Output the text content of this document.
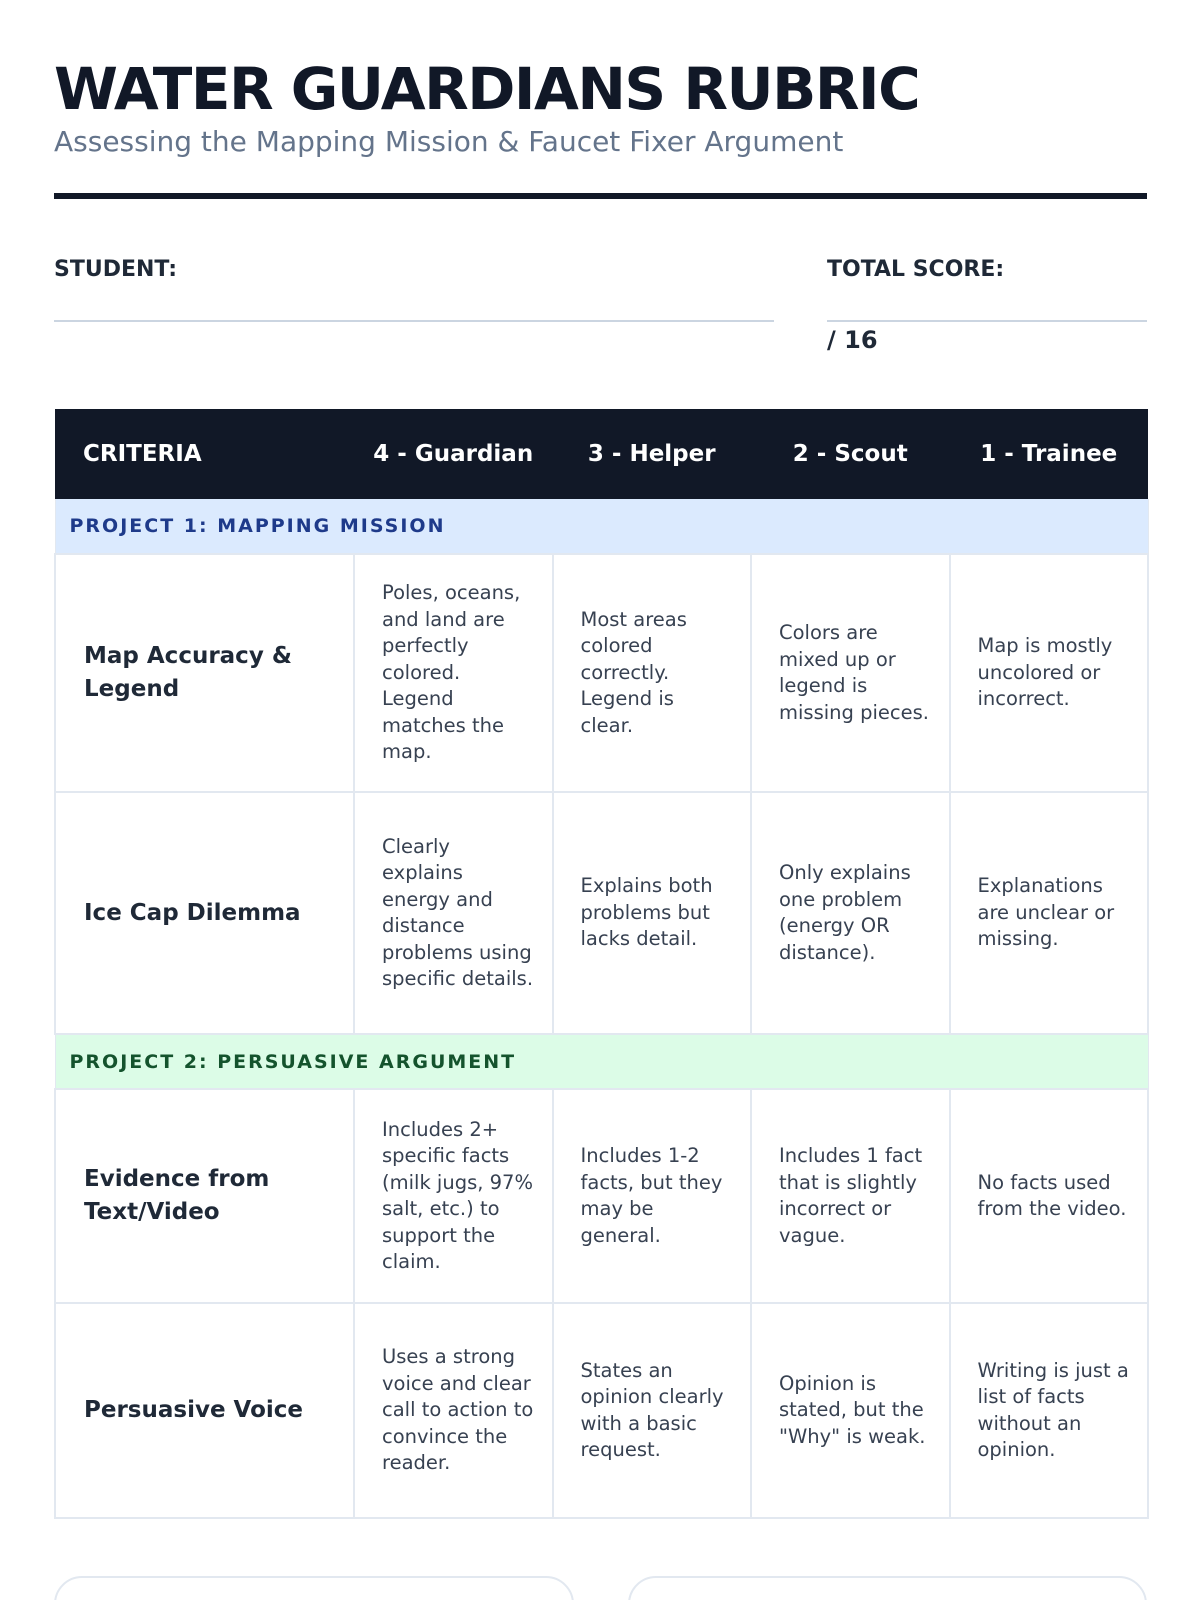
WATER GUARDIANS RUBRIC
Assessing the Mapping Mission & Faucet Fixer Argument
STUDENT:	TOTAL SCORE:
/ 16
CRITERIA	4 - Guardian	3 - Helper	2 - Scout	1 - Trainee
PROJECT 1: MAPPING MISSION				
Map Accuracy & Legend	Poles, oceans, and land are perfectly colored. Legend matches the map.	Most areas colored correctly. Legend is clear.	Colors are mixed up or legend is missing pieces.	Map is mostly uncolored or incorrect.
Ice Cap Dilemma	Clearly explains energy and distance problems using specific details.	Explains both problems but lacks detail.	Only explains one problem (energy OR distance).	Explanations are unclear or missing.
PROJECT 2: PERSUASIVE ARGUMENT				
Evidence from Text/Video	Includes 2+ specific facts (milk jugs, 97% salt, etc.) to support the claim.	Includes 1-2 facts, but they may be general.	Includes 1 fact that is slightly incorrect or vague.	No facts used from the video.
Persuasive Voice	Uses a strong voice and clear call to action to convince the reader.	States an opinion clearly with a basic request.	Opinion is stated, but the "Why" is weak.	Writing is just a list of facts without an opinion.
